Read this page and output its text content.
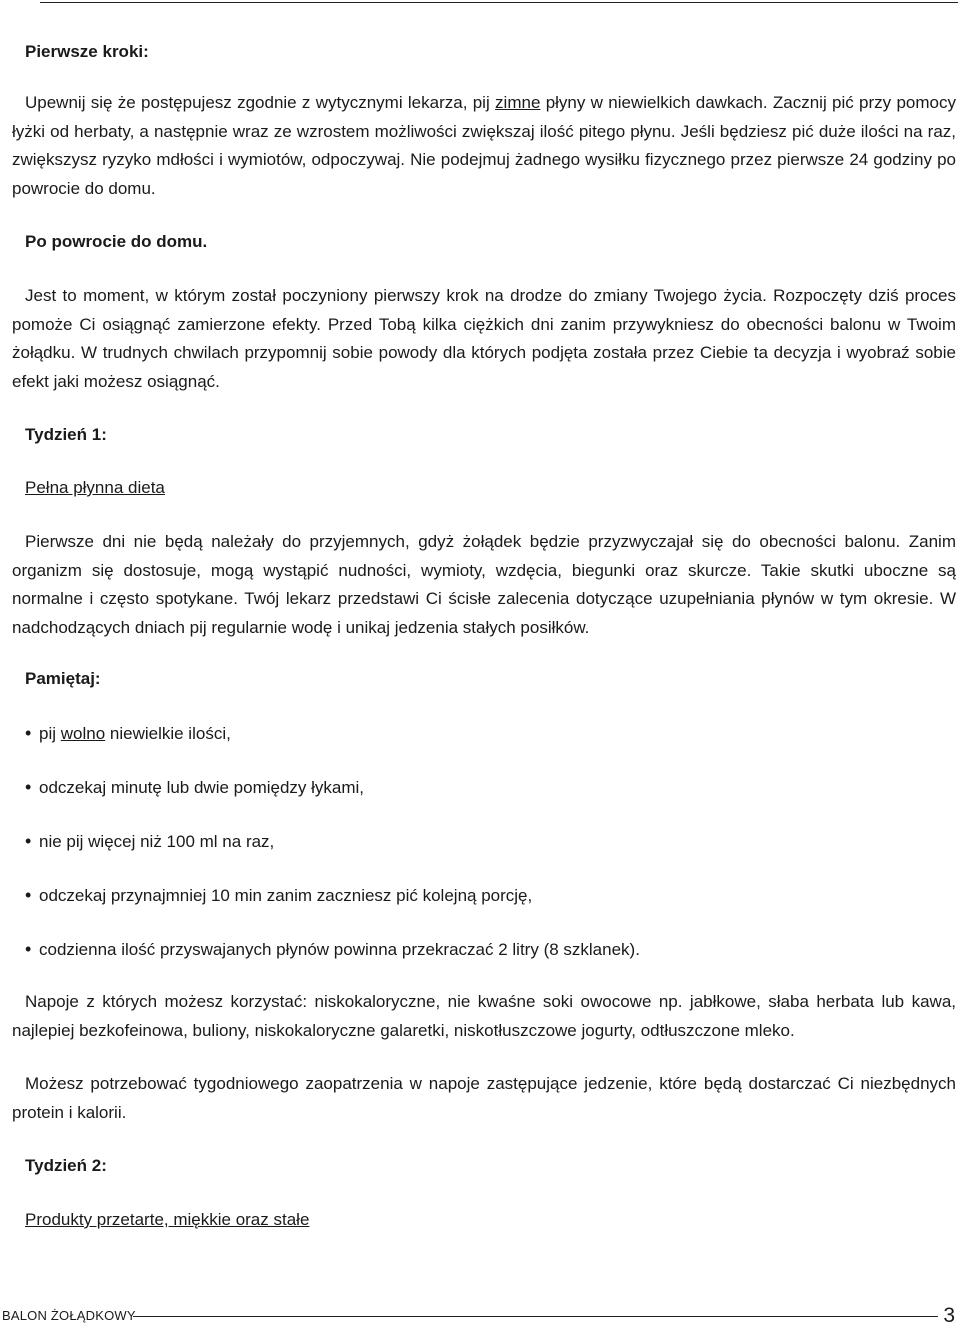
Pierwsze kroki:
Upewnij się że postępujesz zgodnie z wytycznymi lekarza, pij zimne płyny w niewielkich dawkach. Zacznij pić przy pomocy łyżki od herbaty, a następnie wraz ze wzrostem możliwości zwiększaj ilość pitego płynu. Jeśli będziesz pić duże ilości na raz, zwiększysz ryzyko mdłości i wymiotów, odpoczywaj. Nie podejmuj żadnego wysiłku fizycznego przez pierwsze 24 godziny po powrocie do domu.
Po powrocie do domu.
Jest to moment, w którym został poczyniony pierwszy krok na drodze do zmiany Twojego życia. Rozpoczęty dziś proces pomoże Ci osiągnąć zamierzone efekty. Przed Tobą kilka ciężkich dni zanim przywykniesz do obecności balonu w Twoim żołądku. W trudnych chwilach przypomnij sobie powody dla których podjęta została przez Ciebie ta decyzja i wyobraź sobie efekt jaki możesz osiągnąć.
Tydzień 1:
Pełna płynna dieta
Pierwsze dni nie będą należały do przyjemnych, gdyż żołądek będzie przyzwyczajał się do obecności balonu. Zanim organizm się dostosuje, mogą wystąpić nudności, wymioty, wzdęcia, biegunki oraz skurcze. Takie skutki uboczne są normalne i często spotykane. Twój lekarz przedstawi Ci ścisłe zalecenia dotyczące uzupełniania płynów w tym okresie. W nadchodzących dniach pij regularnie wodę i unikaj jedzenia stałych posiłków.
Pamiętaj:
• pij wolno niewielkie ilości,
• odczekaj minutę lub dwie pomiędzy łykami,
• nie pij więcej niż 100 ml na raz,
• odczekaj przynajmniej 10 min zanim zaczniesz pić kolejną porcję,
• codzienna ilość przyswajanych płynów powinna przekraczać 2 litry (8 szklanek).
Napoje z których możesz korzystać: niskokaloryczne, nie kwaśne soki owocowe np. jabłkowe, słaba herbata lub kawa, najlepiej bezkofeinowa, buliony, niskokaloryczne galaretki, niskotłuszczowe jogurty, odtłuszczone mleko.
Możesz potrzebować tygodniowego zaopatrzenia w napoje zastępujące jedzenie, które będą dostarczać Ci niezbędnych protein i kalorii.
Tydzień 2:
Produkty przetarte, miękkie oraz stałe
BALON ŻOŁĄDKOWY	3
